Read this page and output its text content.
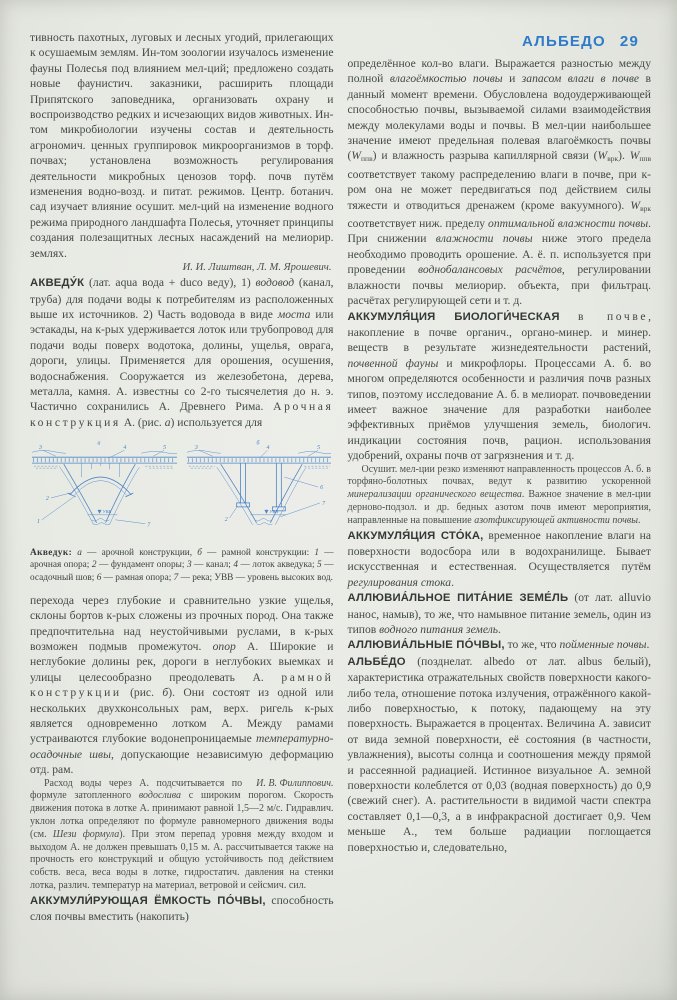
АЛЬБЕДО 29

тивность пахотных, луговых и лесных угодий, прилегающих к осушаемым землям. Ин-том зоологии изучалось изменение фауны Полесья под влиянием мел-ций; предложено создать новые фаунистич. заказники, расширить площади Припятского заповедника, организовать охрану и воспроизводство редких и исчезающих видов животных. Ин-том микробиологии изучены состав и деятельность агрономич. ценных группировок микроорганизмов в торф. почвах; установлена возможность регулирования деятельности микробных ценозов торф. почв путём изменения водно-возд. и питат. режимов. Центр. ботанич. сад изучает влияние осушит. мел-ций на изменение водного режима природного ландшафта Полесья, уточняет принципы создания полезащитных лесных насаждений на мелиорир. землях.

И. И. Лиштван, Л. М. Ярошевич.

АКВЕДУ́К (лат. aqua вода + duco веду), 1) водовод (канал, труба) для подачи воды к потребителям из расположенных выше их источников. 2) Часть водовода в виде моста или эстакады, на к-рых удерживается лоток или трубопровод для подачи воды поверх водотока, долины, ущелья, оврага, дороги, улицы. Применяется для орошения, осушения, водоснабжения. Сооружается из железобетона, дерева, металла, камня. А. известны со 2-го тысячелетия до н. э. Частично сохранились А. Древнего Рима. Арочная конструкция А. (рис. а) используется для

УВВ
а
3	4	5
2
1
7
УВВ
б
3	4	5
6
7
2

Акведук: а — арочной конструкции, б — рамной конструкции: 1 — арочная опора; 2 — фундамент опоры; 3 — канал; 4 — лоток акведука; 5 — осадочный шов; 6 — рамная опора; 7 — река; УВВ — уровень высоких вод.

перехода через глубокие и сравнительно узкие ущелья, склоны бортов к-рых сложены из прочных пород. Она также предпочтительна над неустойчивыми руслами, в к-рых возможен подмыв промежуточ. опор А. Широкие и неглубокие долины рек, дороги в неглубоких выемках и улицы целесообразно преодолевать А. рамной конструкции (рис. б). Они состоят из одной или нескольких двухконсольных рам, верх. ригель к-рых является одновременно лотком А. Между рамами устраиваются глубокие водонепроницаемые температурно-осадочные швы, допускающие независимую деформацию отд. рам.

И. В. Филиппович.
Расход воды через А. подсчитывается по формуле затопленного водослива с широким порогом. Скорость движения потока в лотке А. принимают равной 1,5—2 м/с. Гидравлич. уклон лотка определяют по формуле равномерного движения воды (см. Шези формула). При этом перепад уровня между входом и выходом А. не должен превышать 0,15 м. А. рассчитывается также на прочность его конструкций и общую устойчивость под действием собств. веса, веса воды в лотке, гидростатич. давления на стенки лотка, различ. температур на материал, ветровой и сейсмич. сил.

АККУМУЛИ́РУЮЩАЯ ЁМКОСТЬ ПО́ЧВЫ, способность слоя почвы вместить (накопить)

определённое кол-во влаги. Выражается разностью между полной влагоёмкостью почвы и запасом влаги в почве в данный момент времени. Обусловлена водоудерживающей способностью почвы, вызываемой силами взаимодействия между молекулами воды и почвы. В мел-ции наибольшее значение имеют предельная полевая влагоёмкость почвы (Wппв) и влажность разрыва капиллярной связи (Wврк). Wппв соответствует такому распределению влаги в почве, при к-ром она не может передвигаться под действием силы тяжести и отводиться дренажем (кроме вакуумного). Wврк соответствует ниж. пределу оптимальной влажности почвы. При снижении влажности почвы ниже этого предела необходимо проводить орошение. А. ё. п. используется при проведении воднобалансовых расчётов, регулировании влажности почвы мелиорир. объекта, при фильтрац. расчётах регулирующей сети и т. д.

АККУМУЛЯ́ЦИЯ БИОЛОГИ́ЧЕСКАЯ в почве, накопление в почве органич., органо-минер. и минер. веществ в результате жизнедеятельности растений, почвенной фауны и микрофлоры. Процессами А. б. во многом определяются особенности и различия почв разных типов, поэтому исследование А. б. в мелиорат. почвоведении имеет важное значение для разработки наиболее эффективных приёмов улучшения земель, биологич. индикации состояния почв, рацион. использования удобрений, охраны почв от загрязнения и т. д.

Осушит. мел-ции резко изменяют направленность процессов А. б. в торфяно-болотных почвах, ведут к развитию ускоренной минерализации органического вещества. Важное значение в мел-ции дерново-подзол. и др. бедных азотом почв имеют мероприятия, направленные на повышение азотфиксирующей активности почвы.

АККУМУЛЯ́ЦИЯ СТО́КА, временное накопление влаги на поверхности водосбора или в водохранилище. Бывает искусственная и естественная. Осуществляется путём регулирования стока.

АЛЛЮВИА́ЛЬНОЕ ПИТА́НИЕ ЗЕМЕ́ЛЬ (от лат. alluvio нанос, намыв), то же, что намывное питание земель, один из типов водного питания земель.

АЛЛЮВИА́ЛЬНЫЕ ПО́ЧВЫ, то же, что пойменные почвы.

АЛЬБЕ́ДО (позднелат. albedo от лат. albus белый), характеристика отражательных свойств поверхности какого-либо тела, отношение потока излучения, отражённого какой-либо поверхностью, к потоку, падающему на эту поверхность. Выражается в процентах. Величина А. зависит от вида земной поверхности, её состояния (в частности, увлажнения), высоты солнца и соотношения между прямой и рассеянной радиацией. Истинное визуальное А. земной поверхности колеблется от 0,03 (водная поверхность) до 0,9 (свежий снег). А. растительности в видимой части спектра составляет 0,1—0,3, а в инфракрасной достигает 0,9. Чем меньше А., тем больше радиации поглощается поверхностью и, следовательно,
